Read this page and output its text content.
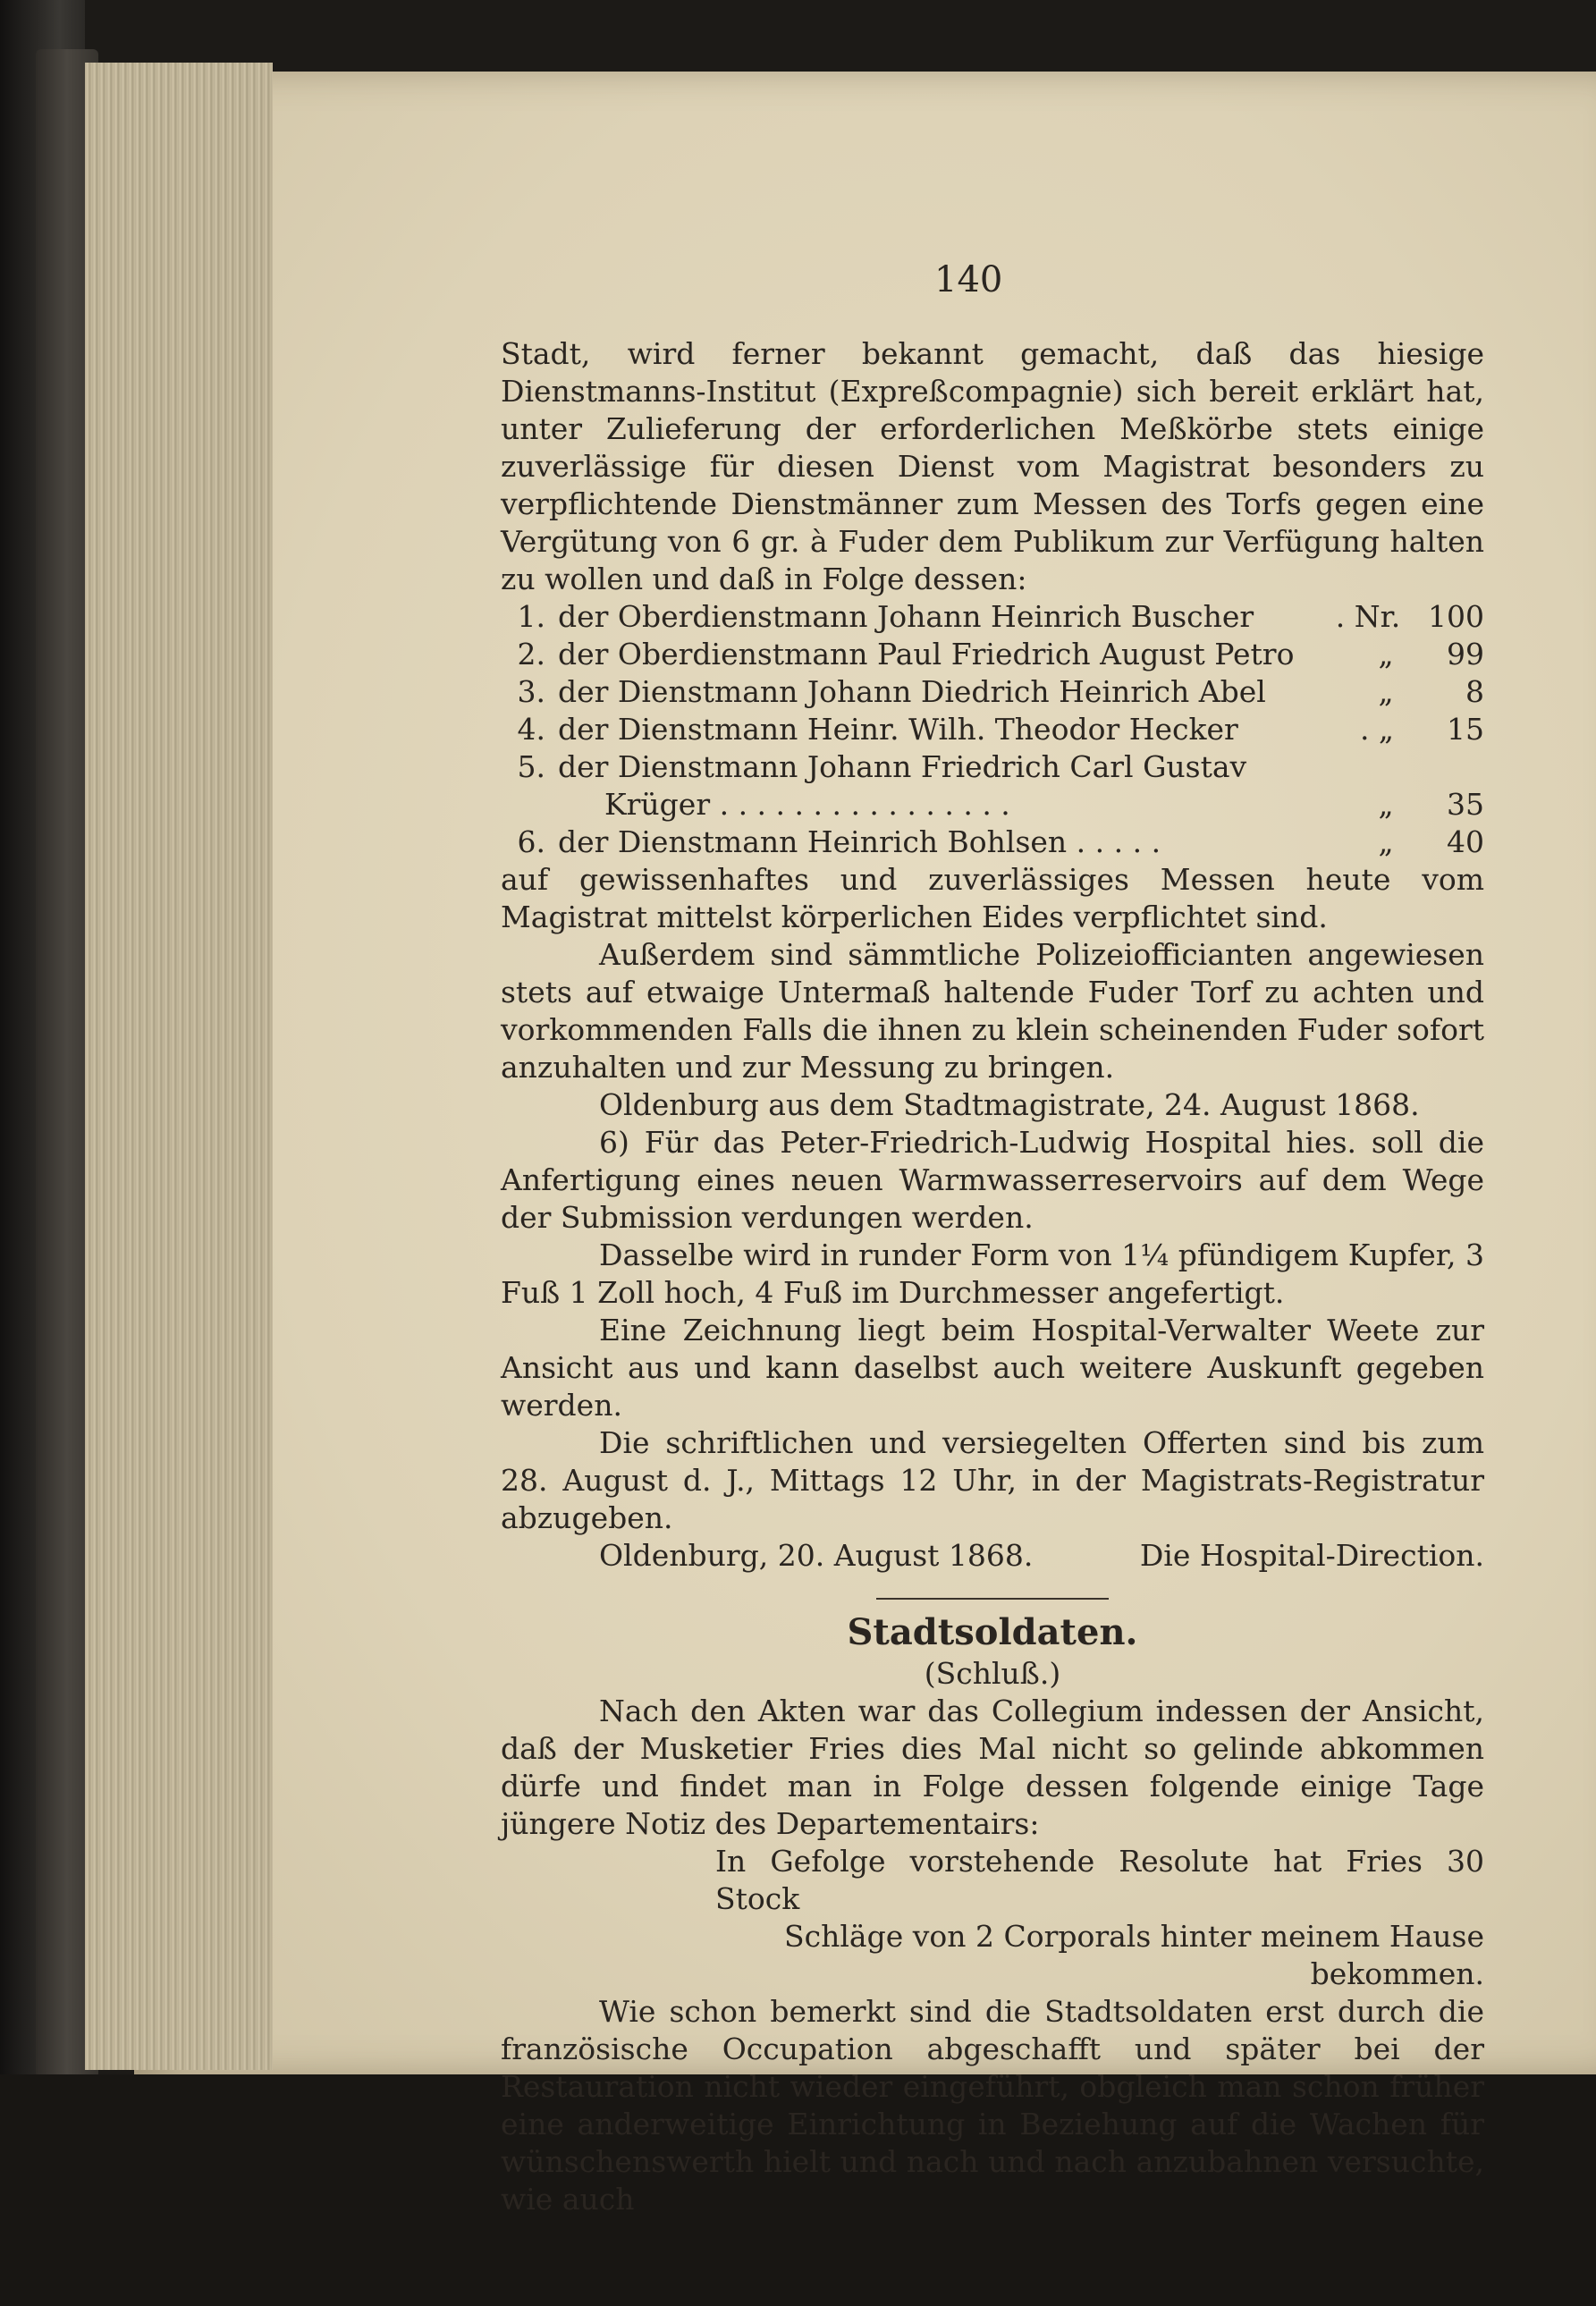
140

Stadt, wird ferner bekannt gemacht, daß das hiesige Dienstmanns-Institut (Expreßcompagnie) sich bereit erklärt hat, unter Zulieferung der erforderlichen Meßkörbe stets einige zuverlässige für diesen Dienst vom Magistrat besonders zu verpflichtende Dienstmänner zum Messen des Torfs gegen eine Vergütung von 6 gr. à Fuder dem Publikum zur Verfügung halten zu wollen und daß in Folge dessen:

1. der Oberdienstmann Johann Heinrich Buscher	. Nr. 100
2. der Oberdienstmann Paul Friedrich August Petro	„	99
3. der Dienstmann Johann Diedrich Heinrich Abel	„	8
4. der Dienstmann Heinr. Wilh. Theodor Hecker	. „	15
5. der Dienstmann Johann Friedrich Carl Gustav
Krüger . . . . . . . . . . . . . . . .	„	35
6. der Dienstmann Heinrich Bohlsen . . . . .	„	40

auf gewissenhaftes und zuverlässiges Messen heute vom Magistrat mittelst körperlichen Eides verpflichtet sind.

Außerdem sind sämmtliche Polizeiofficianten angewiesen stets auf etwaige Untermaß haltende Fuder Torf zu achten und vorkommenden Falls die ihnen zu klein scheinenden Fuder sofort anzuhalten und zur Messung zu bringen.

Oldenburg aus dem Stadtmagistrate, 24. August 1868.

6) Für das Peter-Friedrich-Ludwig Hospital hies. soll die Anfertigung eines neuen Warmwasserreservoirs auf dem Wege der Submission verdungen werden.

Dasselbe wird in runder Form von 1¼ pfündigem Kupfer, 3 Fuß 1 Zoll hoch, 4 Fuß im Durchmesser angefertigt.

Eine Zeichnung liegt beim Hospital-Verwalter Weete zur Ansicht aus und kann daselbst auch weitere Auskunft gegeben werden.

Die schriftlichen und versiegelten Offerten sind bis zum 28. August d. J., Mittags 12 Uhr, in der Magistrats-Registratur abzugeben.

Oldenburg, 20. August 1868.	Die Hospital-Direction.

Stadtsoldaten.

(Schluß.)

Nach den Akten war das Collegium indessen der Ansicht, daß der Musketier Fries dies Mal nicht so gelinde abkommen dürfe und findet man in Folge dessen folgende einige Tage jüngere Notiz des Departementairs:

In Gefolge vorstehende Resolute hat Fries 30 Stock
Schläge von 2 Corporals hinter meinem Hause bekommen.

Wie schon bemerkt sind die Stadtsoldaten erst durch die französische Occupation abgeschafft und später bei der Restauration nicht wieder eingeführt, obgleich man schon früher eine anderweitige Einrichtung in Beziehung auf die Wachen für wünschenswerth hielt und nach und nach anzubahnen versuchte, wie auch
